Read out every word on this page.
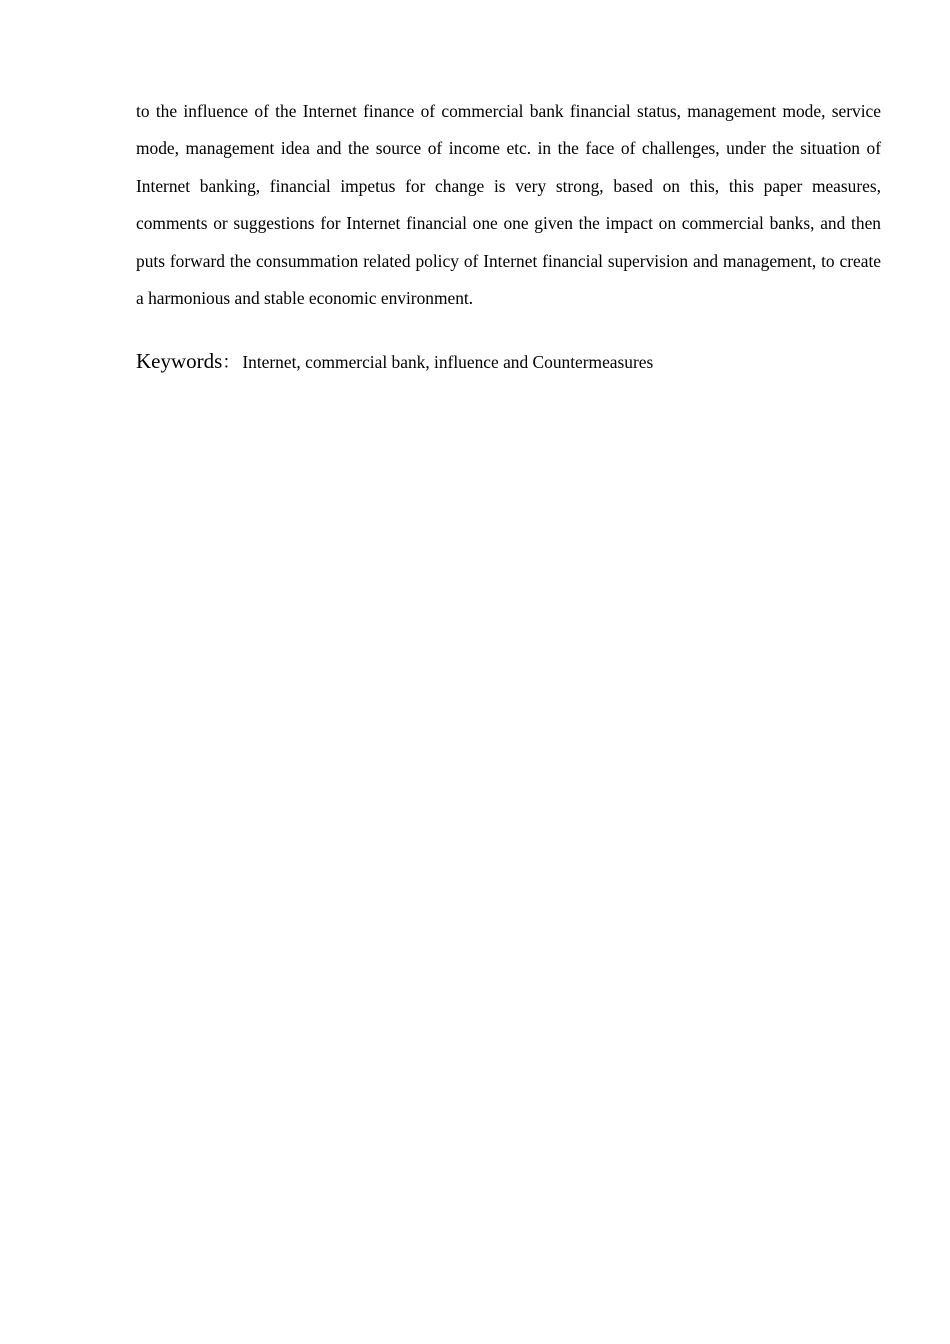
to the influence of the Internet finance of commercial bank financial status, management mode, service mode, management idea and the source of income etc. in the face of challenges, under the situation of Internet banking, financial impetus for change is very strong, based on this, this paper measures, comments or suggestions for Internet financial one one given the impact on commercial banks, and then puts forward the consummation related policy of Internet financial supervision and management, to create a harmonious and stable economic environment.

Keywords： Internet, commercial bank, influence and Countermeasures
